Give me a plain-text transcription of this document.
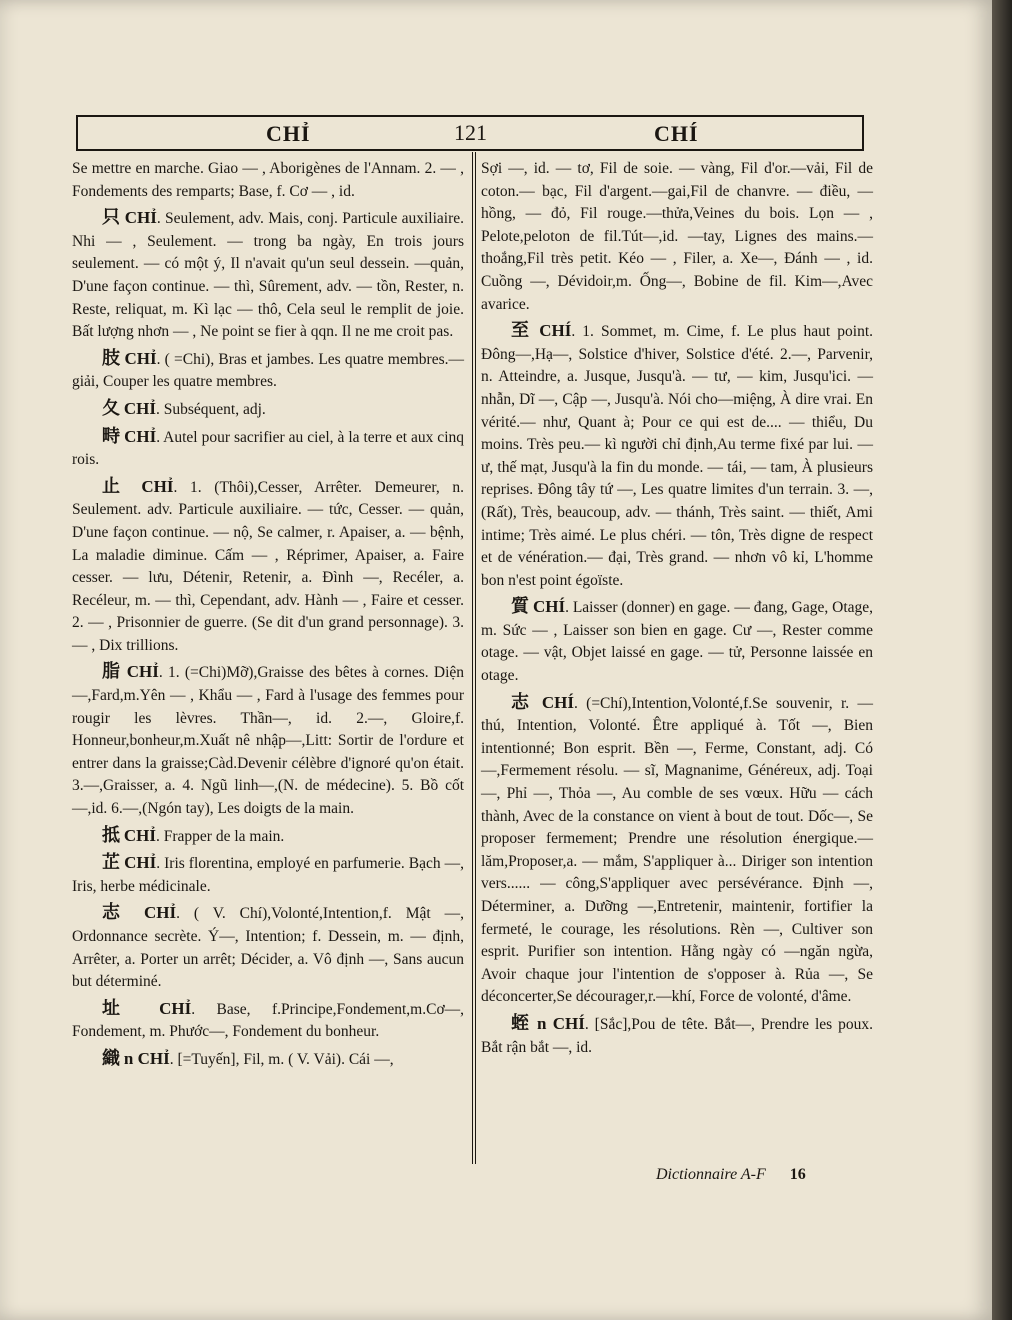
CHỈ	121	CHÍ

Se mettre en marche. Giao — , Aborigènes de l'Annam. 2. — , Fondements des remparts; Base, f. Cơ — , id.

只 CHỈ. Seulement, adv. Mais, conj. Particule auxiliaire. Nhi — , Seulement. — trong ba ngày, En trois jours seulement. — có một ý, Il n'avait qu'un seul dessein. —quản, D'une façon continue. — thì, Sûrement, adv. — tồn, Rester, n. Reste, reliquat, m. Kì lạc — thô, Cela seul le remplit de joie. Bất lượng nhơn — , Ne point se fier à qqn. Il ne me croit pas.

肢 CHỈ. ( =Chi), Bras et jambes. Les quatre membres.— giải, Couper les quatre membres.

夂 CHỈ. Subséquent, adj.

畤 CHỈ. Autel pour sacrifier au ciel, à la terre et aux cinq rois.

止 CHỈ. 1. (Thôi),Cesser, Arrêter. Demeurer, n. Seulement. adv. Particule auxiliaire. — tức, Cesser. — quản, D'une façon continue. — nộ, Se calmer, r. Apaiser, a. — bệnh, La maladie diminue. Cấm — , Réprimer, Apaiser, a. Faire cesser. — lưu, Détenir, Retenir, a. Đình —, Recéler, a. Recéleur, m. — thì, Cependant, adv. Hành — , Faire et cesser. 2. — , Prisonnier de guerre. (Se dit d'un grand personnage). 3. — , Dix trillions.

脂 CHỈ. 1. (=Chi)Mỡ),Graisse des bêtes à cornes. Diện—,Fard,m.Yên — , Khẩu — , Fard à l'usage des femmes pour rougir les lèvres. Thần—, id. 2.—, Gloire,f. Honneur,bonheur,m.Xuất nê nhập—,Litt: Sortir de l'ordure et entrer dans la graisse;Càd.Devenir célèbre d'ignoré qu'on était. 3.—,Graisser, a. 4. Ngũ linh—,(N. de médecine). 5. Bồ cốt—,id. 6.—,(Ngón tay), Les doigts de la main.

抵 CHỈ. Frapper de la main.

芷 CHỈ. Iris florentina, employé en parfumerie. Bạch —, Iris, herbe médicinale.

志 CHỈ. ( V. Chí),Volonté,Intention,f. Mật —, Ordonnance secrète. Ý—, Intention; f. Dessein, m. — định, Arrêter, a. Porter un arrêt; Décider, a. Vô định —, Sans aucun but déterminé.

址 CHỈ. Base, f.Principe,Fondement,m.Cơ—, Fondement, m. Phước—, Fondement du bonheur.

織 n CHỈ. [=Tuyến], Fil, m. ( V. Vải). Cái —,

Sợi —, id. — tơ, Fil de soie. — vàng, Fil d'or.—vải, Fil de coton.— bạc, Fil d'argent.—gai,Fil de chanvre. — điều, — hồng, — đỏ, Fil rouge.—thửa,Veines du bois. Lọn — , Pelote,peloton de fil.Tút—,id. —tay, Lignes des mains.—thoắng,Fil très petit. Kéo — , Filer, a. Xe—, Đánh — , id. Cuồng —, Dévidoir,m. Ống—, Bobine de fil. Kim—,Avec avarice.

至 CHÍ. 1. Sommet, m. Cime, f. Le plus haut point. Đông—,Hạ—, Solstice d'hiver, Solstice d'été. 2.—, Parvenir, n. Atteindre, a. Jusque, Jusqu'à. — tư, — kim, Jusqu'ici. — nhẫn, Dĩ —, Cập —, Jusqu'à. Nói cho—miệng, À dire vrai. En vérité.— như, Quant à; Pour ce qui est de.... — thiểu, Du moins. Très peu.— kì người chỉ định,Au terme fixé par lui. — ư, thế mạt, Jusqu'à la fin du monde. — tái, — tam, À plusieurs reprises. Đông tây tứ —, Les quatre limites d'un terrain. 3. —, (Rất), Très, beaucoup, adv. — thánh, Très saint. — thiết, Ami intime; Très aimé. Le plus chéri. — tôn, Très digne de respect et de vénération.— đại, Très grand. — nhơn vô kỉ, L'homme bon n'est point égoïste.

質 CHÍ. Laisser (donner) en gage. — đang, Gage, Otage, m. Sức — , Laisser son bien en gage. Cư —, Rester comme otage. — vật, Objet laissé en gage. — tử, Personne laissée en otage.

志 CHÍ. (=Chí),Intention,Volonté,f.Se souvenir, r. — thú, Intention, Volonté. Être appliqué à. Tốt —, Bien intentionné; Bon esprit. Bền —, Ferme, Constant, adj. Có —,Fermement résolu. — sĩ, Magnanime, Généreux, adj. Toại —, Phỉ —, Thỏa —, Au comble de ses vœux. Hữu — cách thành, Avec de la constance on vient à bout de tout. Dốc—, Se proposer fermement; Prendre une résolution énergique.— lăm,Proposer,a. — mắm, S'appliquer à... Diriger son intention vers...... — công,S'appliquer avec persévérance. Định —, Déterminer, a. Dưỡng —,Entretenir, maintenir, fortifier la fermeté, le courage, les résolutions. Rèn —, Cultiver son esprit. Purifier son intention. Hằng ngày có —ngăn ngừa, Avoir chaque jour l'intention de s'opposer à. Rủa —, Se déconcerter,Se décourager,r.—khí, Force de volonté, d'âme.

蛭 n CHÍ. [Sắc],Pou de tête. Bắt—, Prendre les poux. Bắt rận bắt —, id.

Dictionnaire A-F 16
